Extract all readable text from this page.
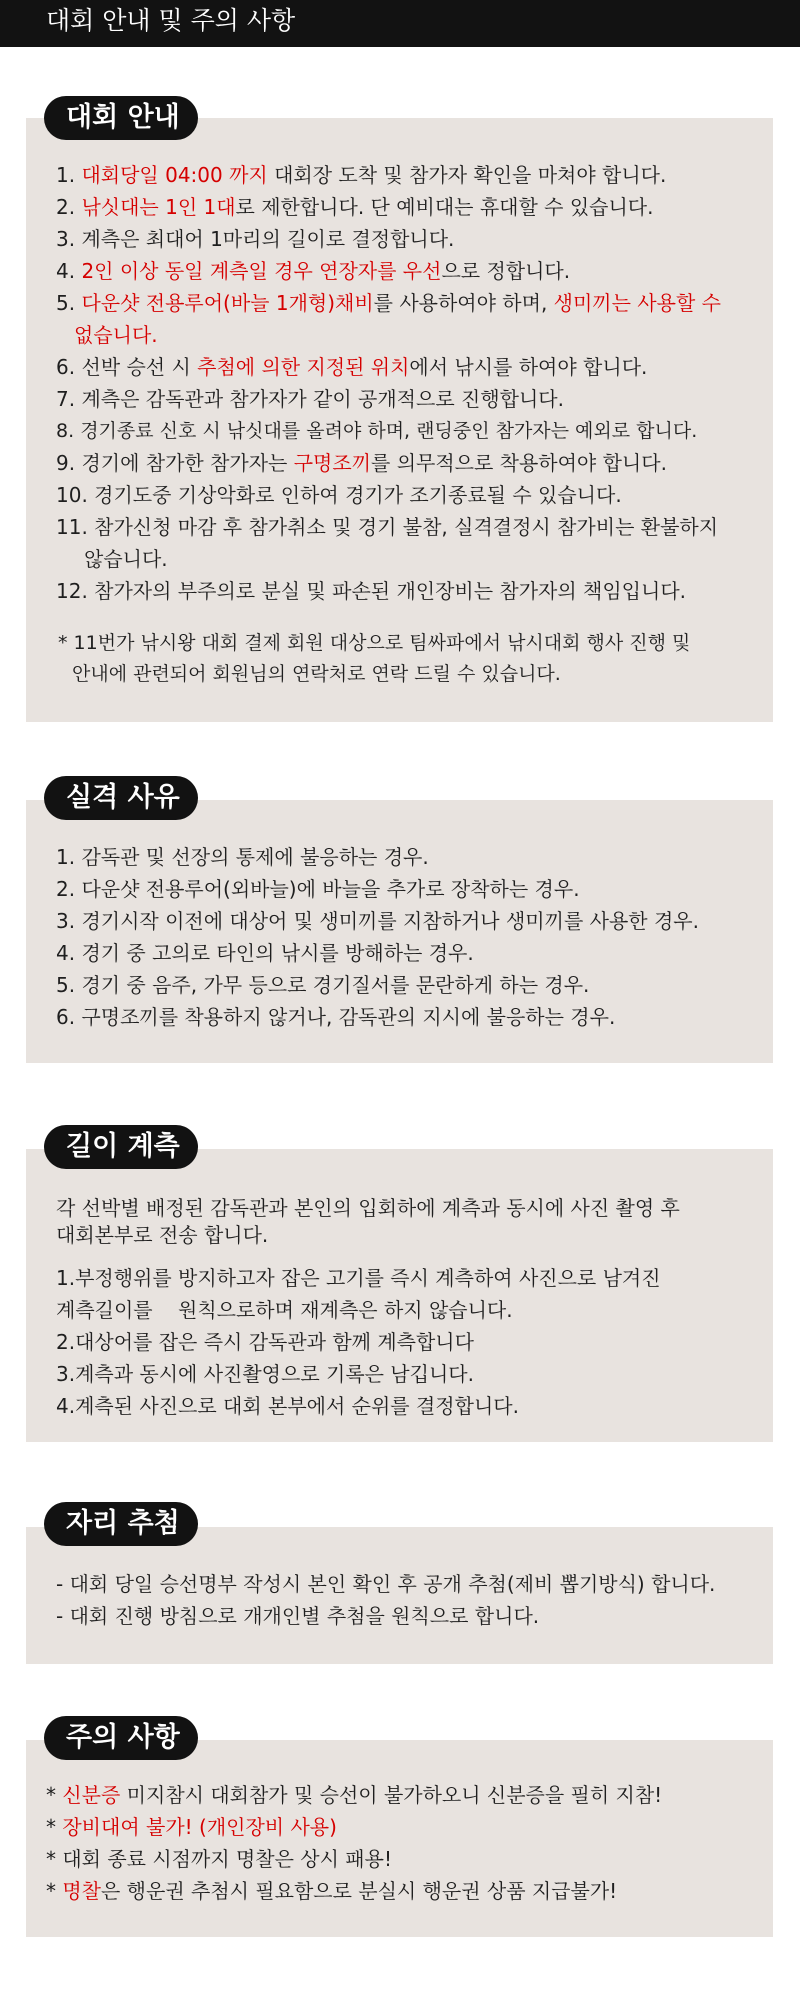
대회 안내 및 주의 사항
대회 안내
1. 대회당일 04:00 까지 대회장 도착 및 참가자 확인을 마쳐야 합니다.
2. 낚싯대는 1인 1대로 제한합니다. 단 예비대는 휴대할 수 있습니다.
3. 계측은 최대어 1마리의 길이로 결정합니다.
4. 2인 이상 동일 계측일 경우 연장자를 우선으로 정합니다.
5. 다운샷 전용루어(바늘 1개형)채비를 사용하여야 하며, 생미끼는 사용할 수
없습니다.
6. 선박 승선 시 추첨에 의한 지정된 위치에서 낚시를 하여야 합니다.
7. 계측은 감독관과 참가자가 같이 공개적으로 진행합니다.
8. 경기종료 신호 시 낚싯대를 올려야 하며, 랜딩중인 참가자는 예외로 합니다.
9. 경기에 참가한 참가자는 구명조끼를 의무적으로 착용하여야 합니다.
10. 경기도중 기상악화로 인하여 경기가 조기종료될 수 있습니다.
11. 참가신청 마감 후 참가취소 및 경기 불참, 실격결정시 참가비는 환불하지
않습니다.
12. 참가자의 부주의로 분실 및 파손된 개인장비는 참가자의 책임입니다.
* 11번가 낚시왕 대회 결제 회원 대상으로 팀싸파에서 낚시대회 행사 진행 및
안내에 관련되어 회원님의 연락처로 연락 드릴 수 있습니다.
실격 사유
1. 감독관 및 선장의 통제에 불응하는 경우.
2. 다운샷 전용루어(외바늘)에 바늘을 추가로 장착하는 경우.
3. 경기시작 이전에 대상어 및 생미끼를 지참하거나 생미끼를 사용한 경우.
4. 경기 중 고의로 타인의 낚시를 방해하는 경우.
5. 경기 중 음주, 가무 등으로 경기질서를 문란하게 하는 경우.
6. 구명조끼를 착용하지 않거나, 감독관의 지시에 불응하는 경우.
길이 계측
각 선박별 배정된 감독관과 본인의 입회하에 계측과 동시에 사진 촬영 후
대회본부로 전송 합니다.
1.부정행위를 방지하고자 잡은 고기를 즉시 계측하여 사진으로 남겨진
계측길이를    원칙으로하며 재계측은 하지 않습니다.
2.대상어를 잡은 즉시 감독관과 함께 계측합니다
3.계측과 동시에 사진촬영으로 기록은 남깁니다.
4.계측된 사진으로 대회 본부에서 순위를 결정합니다.
자리 추첨
- 대회 당일 승선명부 작성시 본인 확인 후 공개 추첨(제비 뽑기방식) 합니다.
- 대회 진행 방침으로 개개인별 추첨을 원칙으로 합니다.
주의 사항
* 신분증 미지참시 대회참가 및 승선이 불가하오니 신분증을 필히 지참!
* 장비대여 불가! (개인장비 사용)
* 대회 종료 시점까지 명찰은 상시 패용!
* 명찰은 행운권 추첨시 필요함으로 분실시 행운권 상품 지급불가!
